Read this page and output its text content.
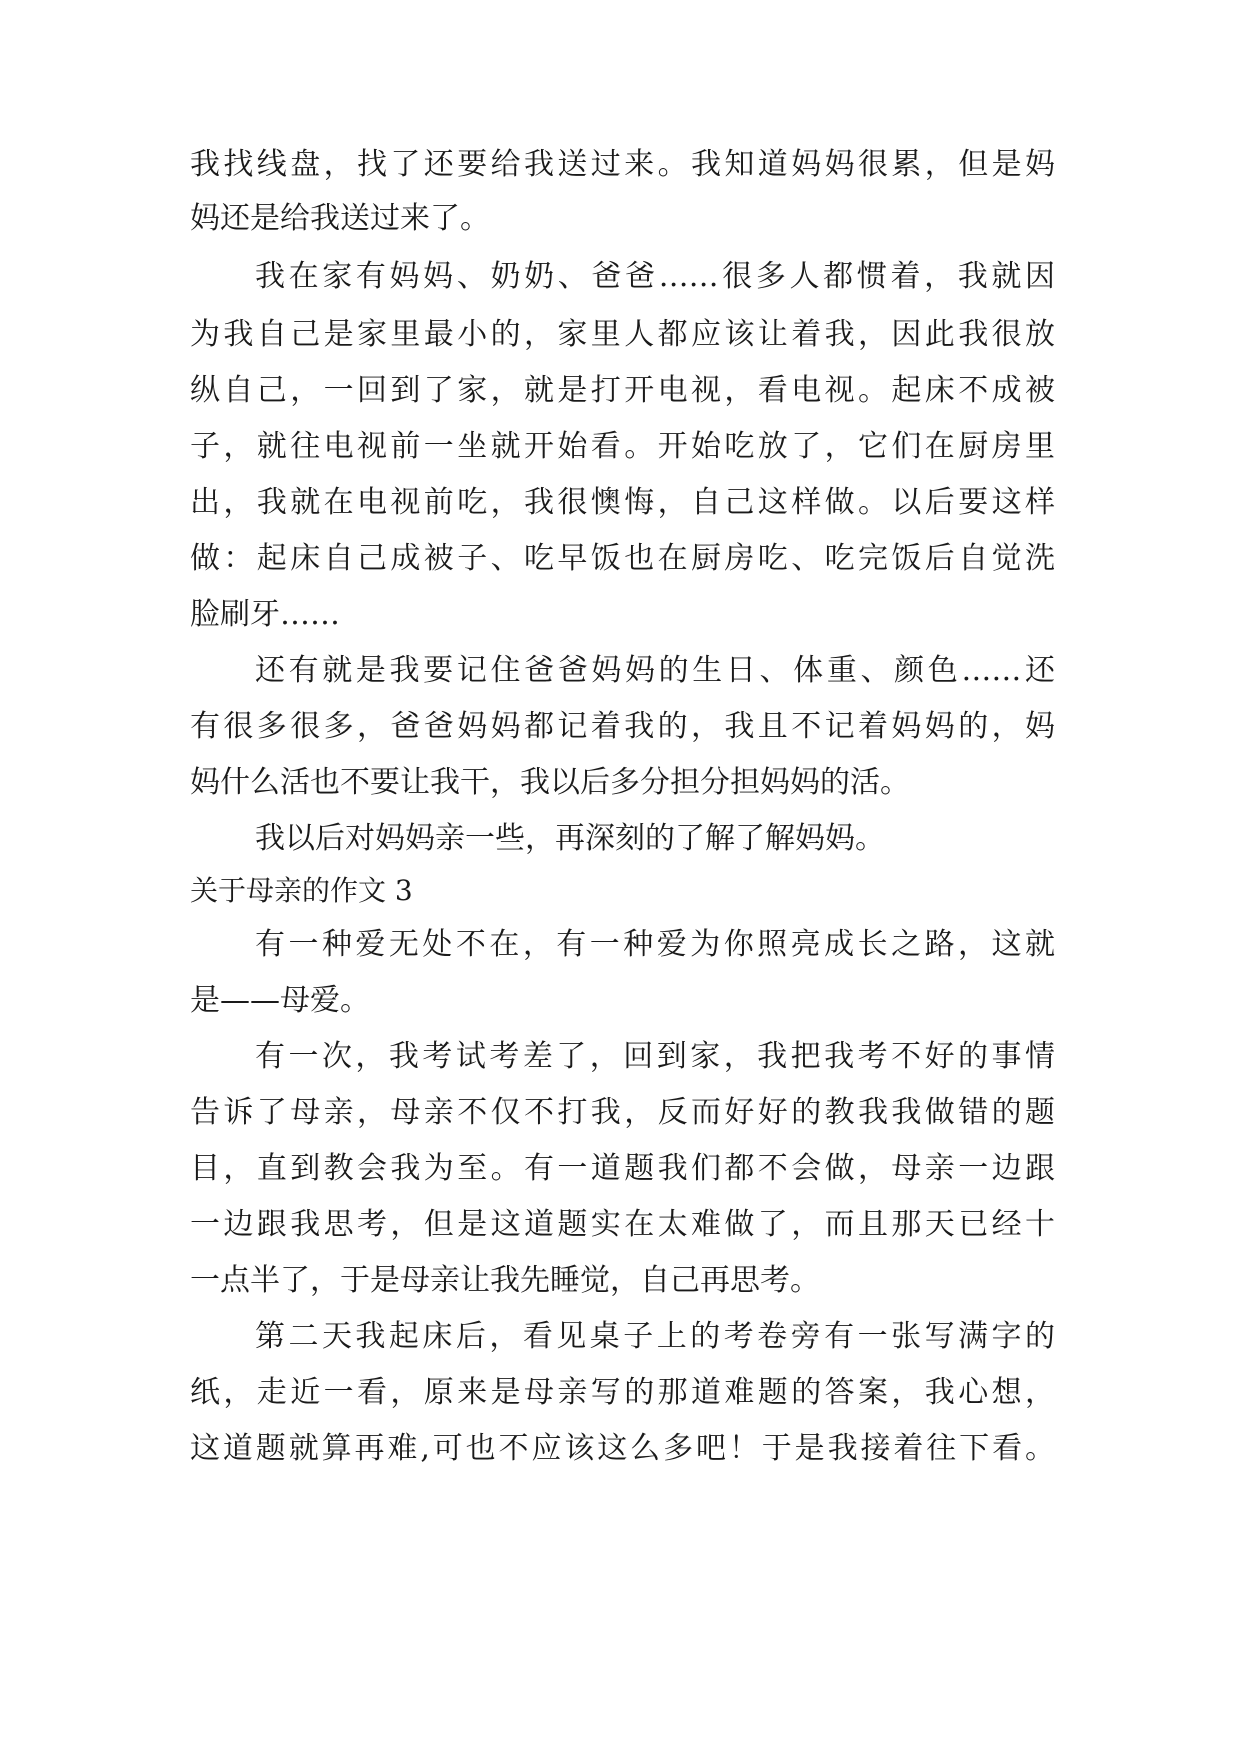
我找线盘，找了还要给我送过来。我知道妈妈很累，但是妈
妈还是给我送过来了。
我在家有妈妈、奶奶、爸爸……很多人都惯着，我就因
为我自己是家里最小的，家里人都应该让着我，因此我很放
纵自己，一回到了家，就是打开电视，看电视。起床不成被
子，就往电视前一坐就开始看。开始吃放了，它们在厨房里
出，我就在电视前吃，我很懊悔，自己这样做。以后要这样
做：起床自己成被子、吃早饭也在厨房吃、吃完饭后自觉洗
脸刷牙……
还有就是我要记住爸爸妈妈的生日、体重、颜色……还
有很多很多，爸爸妈妈都记着我的，我且不记着妈妈的，妈
妈什么活也不要让我干，我以后多分担分担妈妈的活。
我以后对妈妈亲一些，再深刻的了解了解妈妈。
关于母亲的作文 3
有一种爱无处不在，有一种爱为你照亮成长之路，这就
是——母爱。
有一次，我考试考差了，回到家，我把我考不好的事情
告诉了母亲，母亲不仅不打我，反而好好的教我我做错的题
目，直到教会我为至。有一道题我们都不会做，母亲一边跟
一边跟我思考，但是这道题实在太难做了，而且那天已经十
一点半了，于是母亲让我先睡觉，自己再思考。
第二天我起床后，看见桌子上的考卷旁有一张写满字的
纸，走近一看，原来是母亲写的那道难题的答案，我心想，
这道题就算再难,可也不应该这么多吧！于是我接着往下看。
